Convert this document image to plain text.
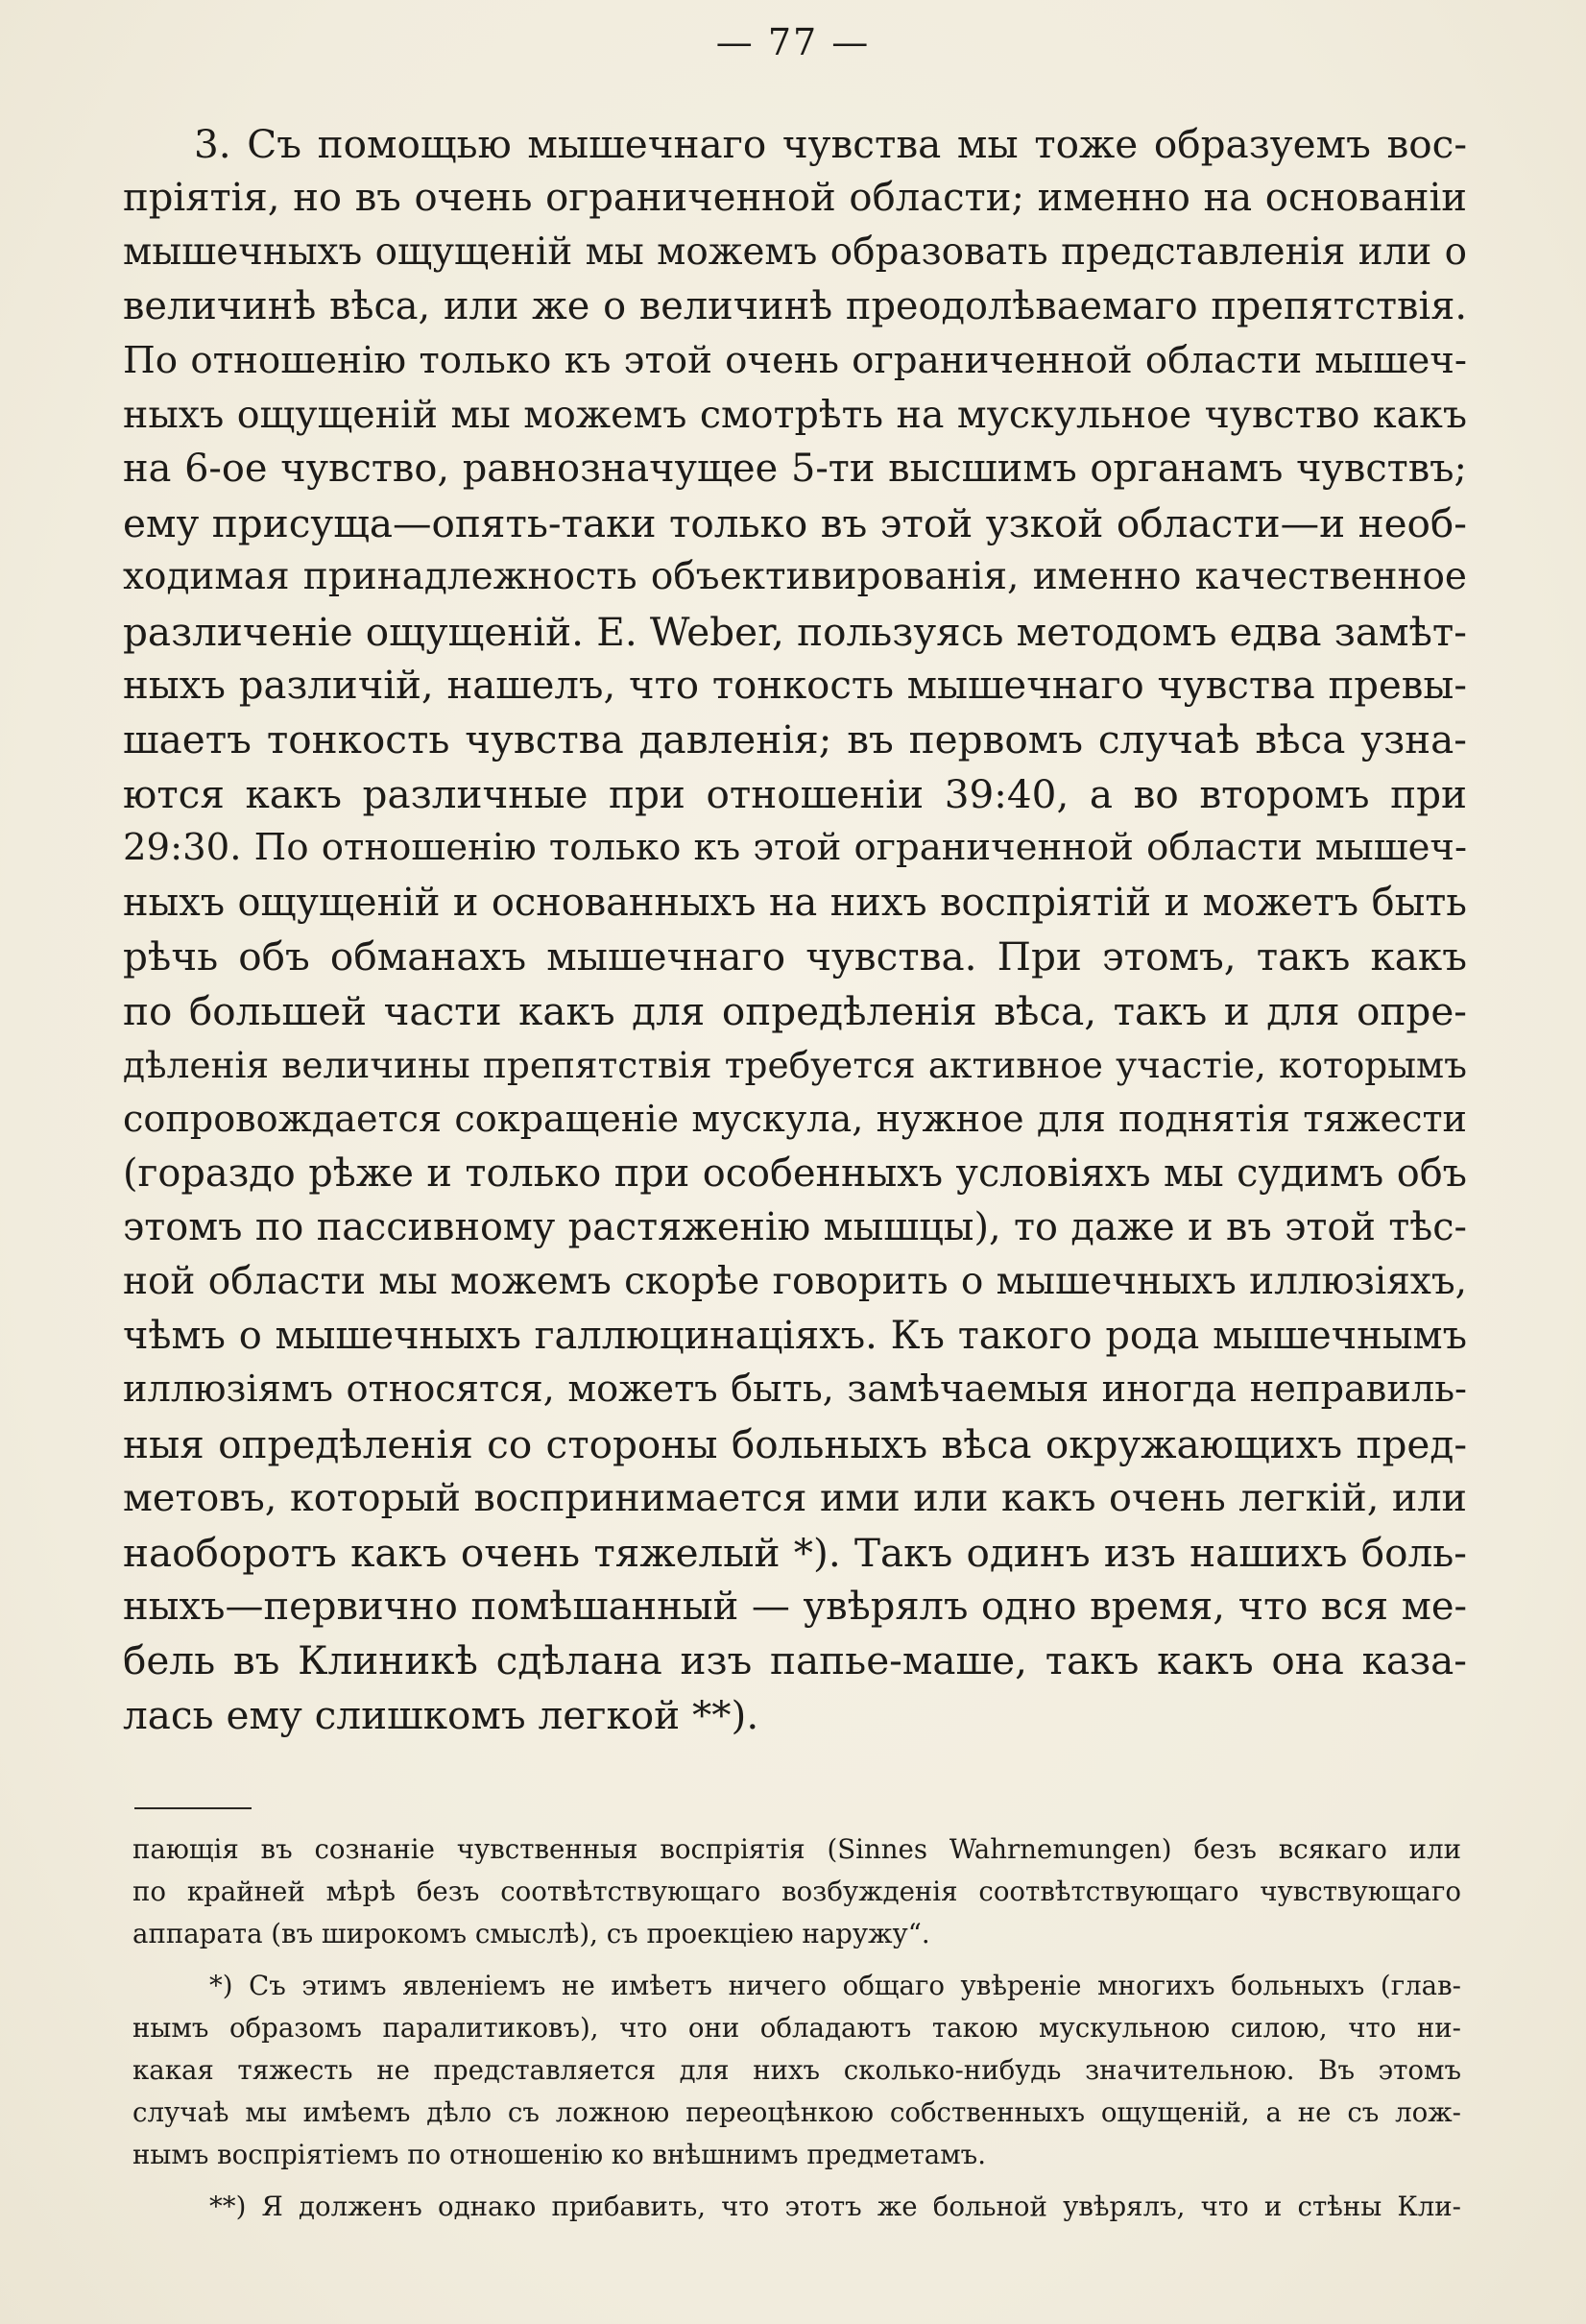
— 77 —
3. Съ помощью мышечнаго чувства мы тоже образуемъ вос-
пріятія, но въ очень ограниченной области; именно на основаніи
мышечныхъ ощущеній мы можемъ образовать представленія или о
величинѣ вѣса, или же о величинѣ преодолѣваемаго препятствія.
По отношенію только къ этой очень ограниченной области мышеч-
ныхъ ощущеній мы можемъ смотрѣть на мускульное чувство какъ
на 6-ое чувство, равнозначущее 5-ти высшимъ органамъ чувствъ;
ему присуща—опять-таки только въ этой узкой области—и необ-
ходимая принадлежность объективированія, именно качественное
различеніе ощущеній. E. Weber, пользуясь методомъ едва замѣт-
ныхъ различій, нашелъ, что тонкость мышечнаго чувства превы-
шаетъ тонкость чувства давленія; въ первомъ случаѣ вѣса узна-
ются какъ различные при отношеніи 39:40, а во второмъ при
29:30. По отношенію только къ этой ограниченной области мышеч-
ныхъ ощущеній и основанныхъ на нихъ воспріятій и можетъ быть
рѣчь объ обманахъ мышечнаго чувства. При этомъ, такъ какъ
по большей части какъ для опредѣленія вѣса, такъ и для опре-
дѣленія величины препятствія требуется активное участіе, которымъ
сопровождается сокращеніе мускула, нужное для поднятія тяжести
(гораздо рѣже и только при особенныхъ условіяхъ мы судимъ объ
этомъ по пассивному растяженію мышцы), то даже и въ этой тѣс-
ной области мы можемъ скорѣе говорить о мышечныхъ иллюзіяхъ,
чѣмъ о мышечныхъ галлюцинаціяхъ. Къ такого рода мышечнымъ
иллюзіямъ относятся, можетъ быть, замѣчаемыя иногда неправиль-
ныя опредѣленія со стороны больныхъ вѣса окружающихъ пред-
метовъ, который воспринимается ими или какъ очень легкій, или
наоборотъ какъ очень тяжелый *). Такъ одинъ изъ нашихъ боль-
ныхъ—первично помѣшанный — увѣрялъ одно время, что вся ме-
бель въ Клиникѣ сдѣлана изъ папье-маше, такъ какъ она каза-
лась ему слишкомъ легкой **).
пающія въ сознаніе чувственныя воспріятія (Sinnes Wahrnemungen) безъ всякаго или
по крайней мѣрѣ безъ соотвѣтствующаго возбужденія соотвѣтствующаго чувствующаго
аппарата (въ широкомъ смыслѣ), съ проекціею наружу“.
*) Съ этимъ явленіемъ не имѣетъ ничего общаго увѣреніе многихъ больныхъ (глав-
нымъ образомъ паралитиковъ), что они обладаютъ такою мускульною силою, что ни-
какая тяжесть не представляется для нихъ сколько-нибудь значительною. Въ этомъ
случаѣ мы имѣемъ дѣло съ ложною переоцѣнкою собственныхъ ощущеній, а не съ лож-
нымъ воспріятіемъ по отношенію ко внѣшнимъ предметамъ.
**) Я долженъ однако прибавить, что этотъ же больной увѣрялъ, что и стѣны Кли-
